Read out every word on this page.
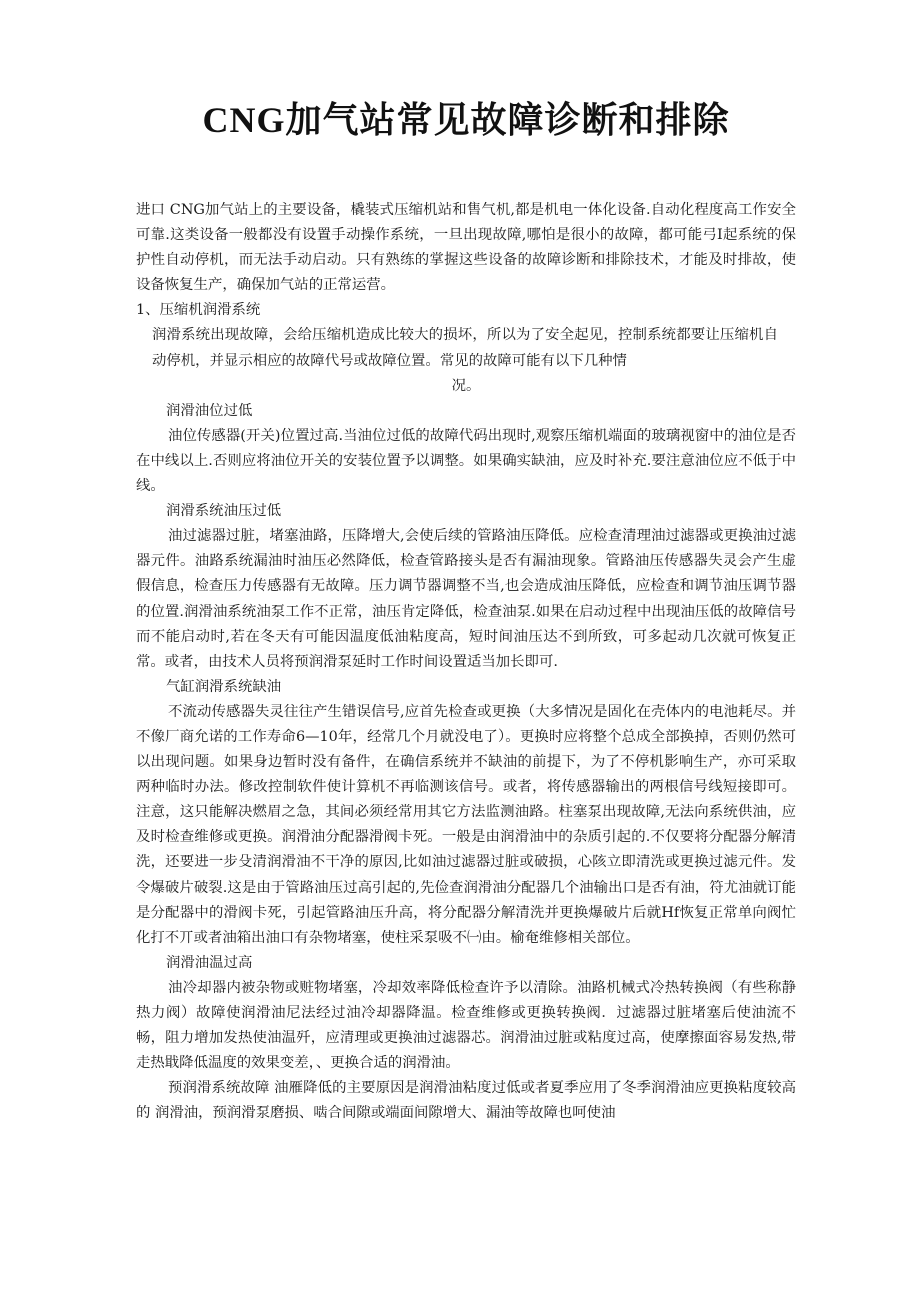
CNG加气站常见故障诊断和排除

进口 CNG加气站上的主要设备，橇装式压缩机站和售气机,都是机电一体化设备.自动化程度高工作安全可靠.这类设备一般都没有设置手动操作系统，一旦出现故障,哪怕是很小的故障，都可能弓I起系统的保护性自动停机，而无法手动启动。只有熟练的掌握这些设备的故障诊断和排除技术，才能及时排故，使设备恢复生产，确保加气站的正常运营。

1、压缩机润滑系统

润滑系统出现故障，会给压缩机造成比较大的损坏，所以为了安全起见，控制系统都要让压缩机自动停机，并显示相应的故障代号或故障位置。常见的故障可能有以下几种情

况。

润滑油位过低

油位传感器(开关)位置过高.当油位过低的故障代码出现时,观察压缩机端面的玻璃视窗中的油位是否在中线以上.否则应将油位开关的安装位置予以调整。如果确实缺油，应及时补充.要注意油位应不低于中线。

润滑系统油压过低

油过滤器过脏，堵塞油路，压降增大,会使后续的管路油压降低。应检查清理油过滤器或更换油过滤器元件。油路系统漏油时油压必然降低，检查管路接头是否有漏油现象。管路油压传感器失灵会产生虚假信息，检查压力传感器有无故障。压力调节器调整不当,也会造成油压降低，应检查和调节油压调节器的位置.润滑油系统油泵工作不正常，油压肯定降低，检查油泵.如果在启动过程中出现油压低的故障信号而不能启动时,若在冬天有可能因温度低油粘度高，短时间油压达不到所致，可多起动几次就可恢复正常。或者，由技术人员将预润滑泵延时工作时间设置适当加长即可.

气缸润滑系统缺油

不流动传感器失灵往往产生错误信号,应首先检查或更换（大多情况是固化在壳体内的电池耗尽。并不像厂商允诺的工作寿命6—10年，经常几个月就没电了）。更换时应将整个总成全部换掉，否则仍然可以出现问题。如果身边暂时没有备件，在确信系统并不缺油的前提下，为了不停机影响生产，亦可采取两种临时办法。修改控制软件使计算机不再临测该信号。或者，将传感器输出的两根信号线短接即可。注意，这只能解决燃眉之急，其间必须经常用其它方法监测油路。柱塞泵出现故障,无法向系统供油，应及时检查维修或更换。润滑油分配器滑阀卡死。一般是由润滑油中的杂质引起的.不仅要将分配器分解清洗，还要进一步殳清润滑油不干净的原因,比如油过滤器过脏或破损，心陔立即清洗或更换过滤元件。发令爆破片破裂.这是由于管路油压过高引起的,先俭查润滑油分配器几个油输出口是否有油，符尤油就订能是分配器中的滑阀卡死，引起管路油压升高，将分配器分解清洗并更换爆破片后就Hf恢复正常单向阀忙化打不丌或者油箱出油口有杂物堵塞，使柱采泵吸不㈠由。榆奄维修相关部位。

润滑油温过高

油冷却器内被杂物或赃物堵塞，冷却效率降低检查许予以清除。油路机械式冷热转换阀（有些称静热力阀）故障使润滑油尼法经过油冷却器降温。检查维修或更换转换阀．过滤器过脏堵塞后使油流不畅，阻力增加发热使油温歼，应清理或更换油过滤器芯。润滑油过脏或粘度过高，使摩擦面容易发热,带走热戢降低温度的效果变差，、更换合适的润滑油。

预润滑系统故障 油雁降低的主要原因是润滑油粘度过低或者夏季应用了冬季润滑油应更换粘度较高的 润滑油，预润滑泵磨损、啮合间隙或端面间隙增大、漏油等故障也呵使油
